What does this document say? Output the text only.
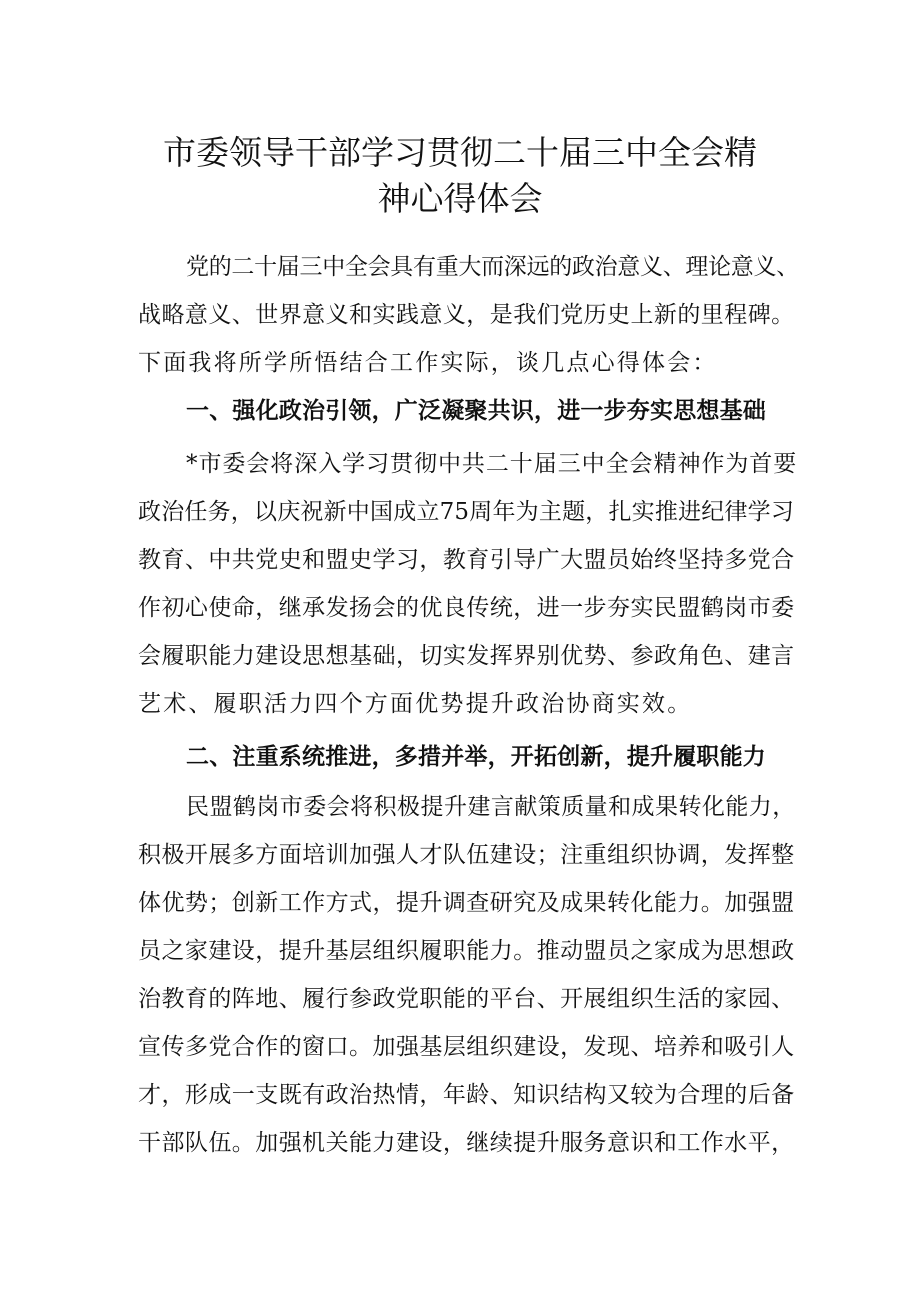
市委领导干部学习贯彻二十届三中全会精
神心得体会

党的二十届三中全会具有重大而深远的政治意义、理论意义、

战略意义、世界意义和实践意义，是我们党历史上新的里程碑。

下面我将所学所悟结合工作实际，谈几点心得体会：

一、强化政治引领，广泛凝聚共识，进一步夯实思想基础

*市委会将深入学习贯彻中共二十届三中全会精神作为首要

政治任务，以庆祝新中国成立75周年为主题，扎实推进纪律学习

教育、中共党史和盟史学习，教育引导广大盟员始终坚持多党合

作初心使命，继承发扬会的优良传统，进一步夯实民盟鹤岗市委

会履职能力建设思想基础，切实发挥界别优势、参政角色、建言

艺术、履职活力四个方面优势提升政治协商实效。

二、注重系统推进，多措并举，开拓创新，提升履职能力

民盟鹤岗市委会将积极提升建言献策质量和成果转化能力，

积极开展多方面培训加强人才队伍建设；注重组织协调，发挥整

体优势；创新工作方式，提升调查研究及成果转化能力。加强盟

员之家建设，提升基层组织履职能力。推动盟员之家成为思想政

治教育的阵地、履行参政党职能的平台、开展组织生活的家园、

宣传多党合作的窗口。加强基层组织建设，发现、培养和吸引人

才，形成一支既有政治热情，年龄、知识结构又较为合理的后备

干部队伍。加强机关能力建设，继续提升服务意识和工作水平，
